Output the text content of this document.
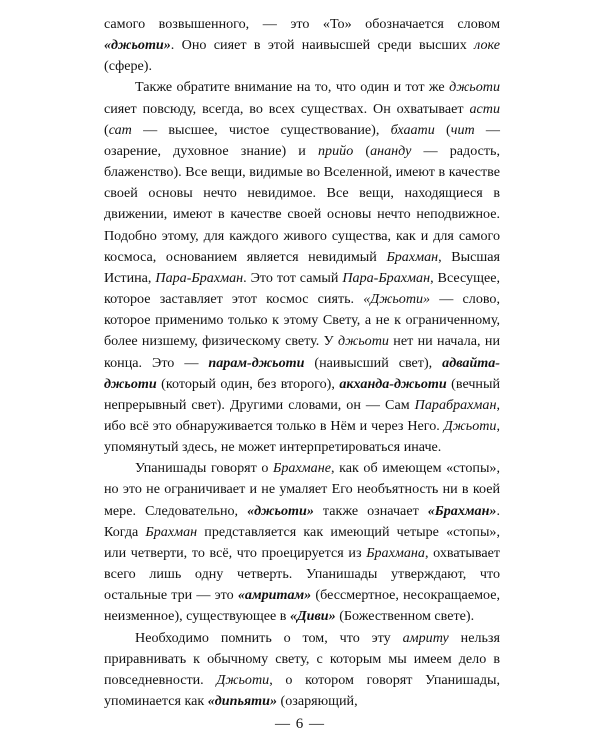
самого возвышенного, — это «То» обозначается словом «джьоти». Оно сияет в этой наивысшей среди высших локе (сфере).

Также обратите внимание на то, что один и тот же джьоти сияет повсюду, всегда, во всех существах. Он охватывает асти (сат — высшее, чистое существование), бхаати (чит — озарение, духовное знание) и прийо (ананду — радость, блаженство). Все вещи, видимые во Вселенной, имеют в качестве своей основы нечто невидимое. Все вещи, находящиеся в движении, имеют в качестве своей основы нечто неподвижное. Подобно этому, для каждого живого существа, как и для самого космоса, основанием является невидимый Брахман, Высшая Истина, Пара-Брахман. Это тот самый Пара-Брахман, Всесущее, которое заставляет этот космос сиять. «Джьоти» — слово, которое применимо только к этому Свету, а не к ограниченному, более низшему, физическому свету. У джьоти нет ни начала, ни конца. Это — парам-джьоти (наивысший свет), адвайта-джьоти (который один, без второго), акханда-джьоти (вечный непрерывный свет). Другими словами, он — Сам Парабрахман, ибо всё это обнаруживается только в Нём и через Него. Джьоти, упомянутый здесь, не может интерпретироваться иначе.

Упанишады говорят о Брахмане, как об имеющем «стопы», но это не ограничивает и не умаляет Его необъятность ни в коей мере. Следовательно, «джьоти» также означает «Брахман». Когда Брахман представляется как имеющий четыре «стопы», или четверти, то всё, что проецируется из Брахмана, охватывает всего лишь одну четверть. Упанишады утверждают, что остальные три — это «амритам» (бессмертное, несокращаемое, неизменное), существующее в «Диви» (Божественном свете).

Необходимо помнить о том, что эту амриту нельзя приравнивать к обычному свету, с которым мы имеем дело в повседневности. Джьоти, о котором говорят Упанишады, упоминается как «дипьяти» (озаряющий,

— 6 —
